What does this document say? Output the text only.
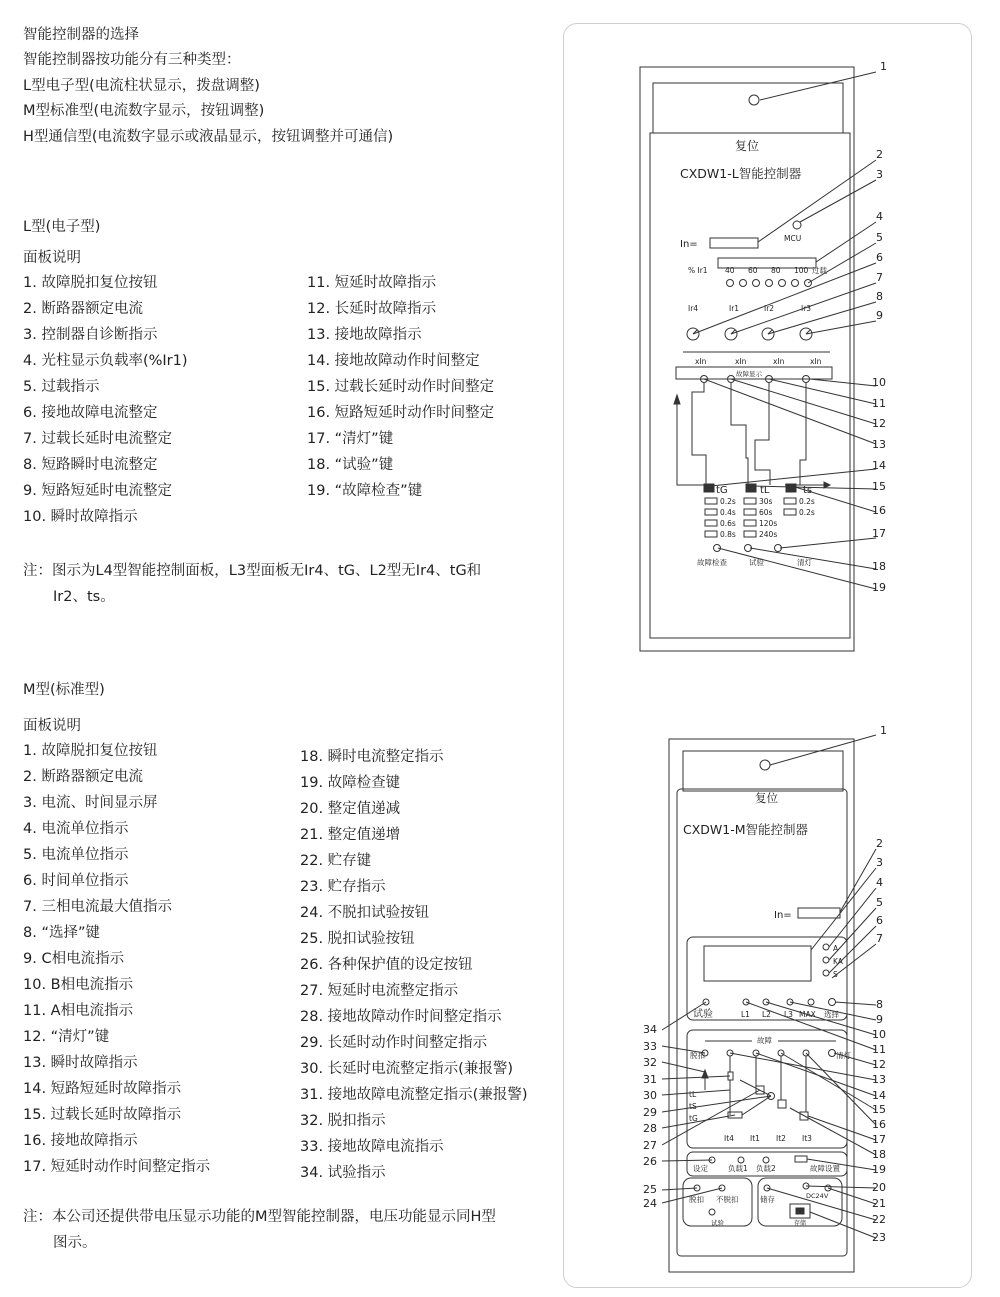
智能控制器的选择
智能控制器按功能分有三种类型：
L型电子型(电流柱状显示，拨盘调整)
M型标准型(电流数字显示，按钮调整)
H型通信型(电流数字显示或液晶显示，按钮调整并可通信)
L型(电子型)
面板说明
1. 故障脱扣复位按钮
2. 断路器额定电流
3. 控制器自诊断指示
4. 光柱显示负载率(%Ir1)
5. 过载指示
6. 接地故障电流整定
7. 过载长延时电流整定
8. 短路瞬时电流整定
9. 短路短延时电流整定
10. 瞬时故障指示
11. 短延时故障指示
12. 长延时故障指示
13. 接地故障指示
14. 接地故障动作时间整定
15. 过载长延时动作时间整定
16. 短路短延时动作时间整定
17. “清灯”键
18. “试验”键
19. “故障检查”键
注：图示为L4型智能控制面板，L3型面板无Ir4、tG、L2型无Ir4、tG和
Ir2、ts。
M型(标准型)
面板说明
1. 故障脱扣复位按钮
2. 断路器额定电流
3. 电流、时间显示屏
4. 电流单位指示
5. 电流单位指示
6. 时间单位指示
7. 三相电流最大值指示
8. “选择”键
9. C相电流指示
10. B相电流指示
11. A相电流指示
12. “清灯”键
13. 瞬时故障指示
14. 短路短延时故障指示
15. 过载长延时故障指示
16. 接地故障指示
17. 短延时动作时间整定指示
18. 瞬时电流整定指示
19. 故障检查键
20. 整定值递减
21. 整定值递增
22. 贮存键
23. 贮存指示
24. 不脱扣试验按钮
25. 脱扣试验按钮
26. 各种保护值的设定按钮
27. 短延时电流整定指示
28. 接地故障动作时间整定指示
29. 长延时动作时间整定指示
30. 长延时电流整定指示(兼报警)
31. 接地故障电流整定指示(兼报警)
32. 脱扣指示
33. 接地故障电流指示
34. 试验指示
注：本公司还提供带电压显示功能的M型智能控制器，电压功能显示同H型
图示。
复位
CXDW1-L智能控制器
In=
MCU
% Ir1 40 60 80 100 过载
Ir4	Ir1	Ir2	Ir3
xIn	xIn	xIn	xIn
故障显示
tG	tL	ts
0.2s
0.4s
0.6s
0.8s
30s
60s
120s
240s
0.2s
0.2s
故障检查	试验	清灯
1
2
3
4
5
6
7
8
9
10
11
12
13
14
15
16
17
18
19
复位
CXDW1-M智能控制器
In=
A
KA
S
试验	L1 L2 L3 MAX 选择
故障
脱扣	清灯
tL
tS
tG
It4 It1 It2 It3
设定	负载1 负载2	故障设置
脱扣 不脱扣
试验
储存	DC24V
存储
1
2
3
4
5
6
7
8
9
10
11
12
13
14
15
16
17
18
19
20
21
22
23
34
33
32
31
30
29
28
27
26
25
24
